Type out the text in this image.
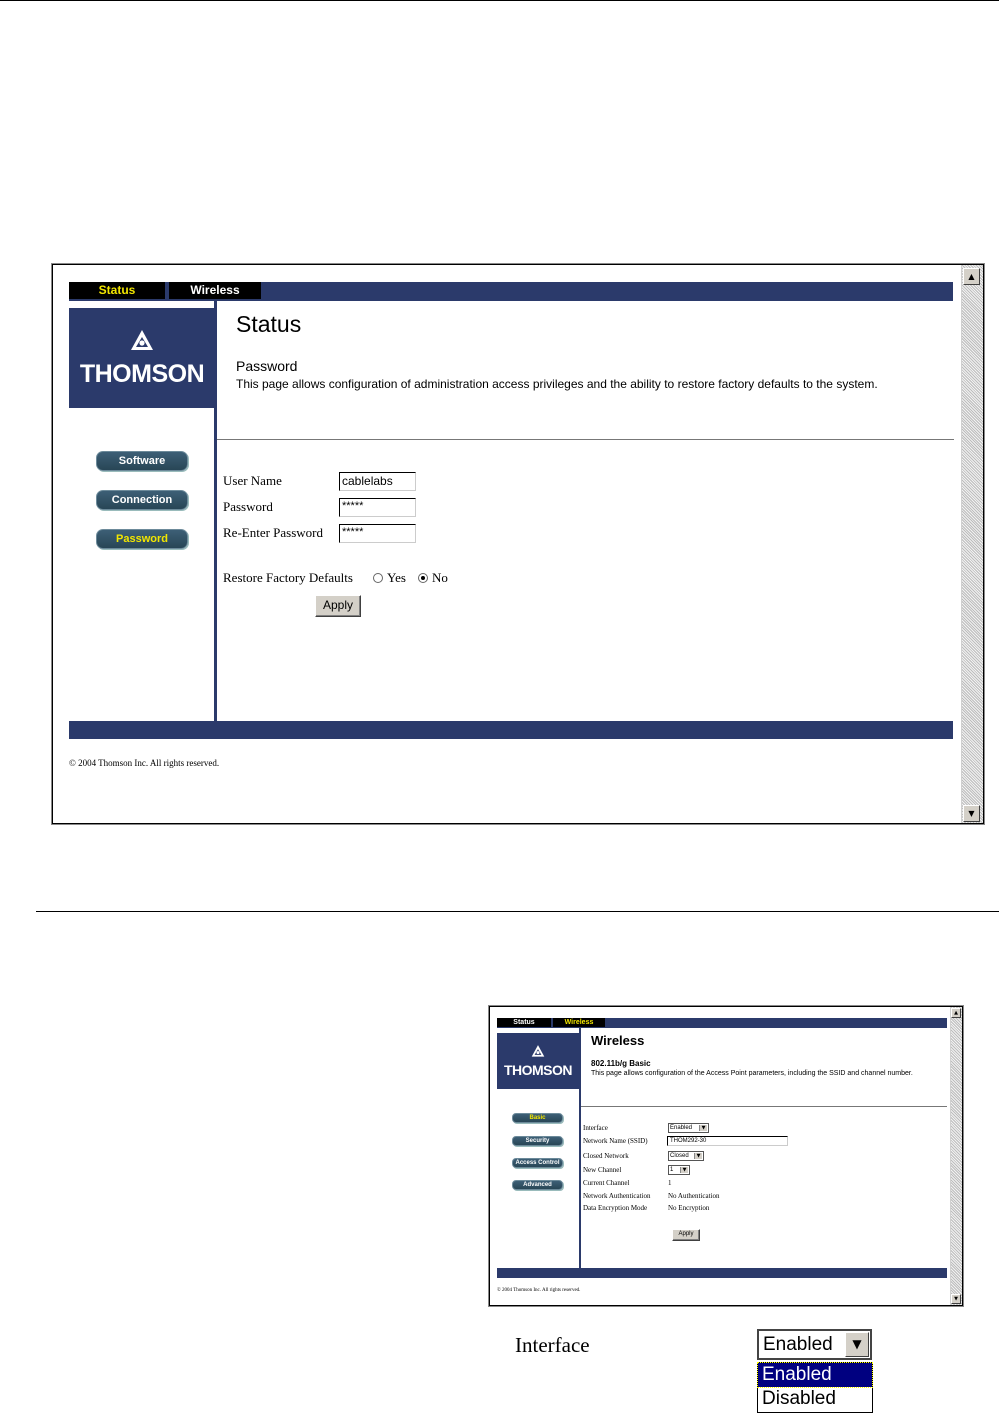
Status	Wireless
THOMSON
Status
Password
This page allows configuration of administration access privileges and the ability to restore factory defaults to the system.
Software
Connection
Password
User Name	cablelabs
Password	*****
Re-Enter Password *****
Restore Factory Defaults	Yes No
Apply
© 2004 Thomson Inc. All rights reserved.
▲
▼
Status	Wireless
THOMSON
Wireless
802.11b/g Basic
This page allows configuration of the Access Point parameters, including the SSID and channel number.
Basic
Security
Access Control
Advanced
Interface	Enabled	▼
Network Name (SSID)	THOM292-30
Closed Network	Closed	▼
New Channel	1	▼
Current Channel	1
Network Authentication	No Authentication
Data Encryption Mode	No Encryption
Apply
© 2004 Thomson Inc. All rights reserved.
▲
▼
Interface	Enabled	▼
Enabled
Disabled
